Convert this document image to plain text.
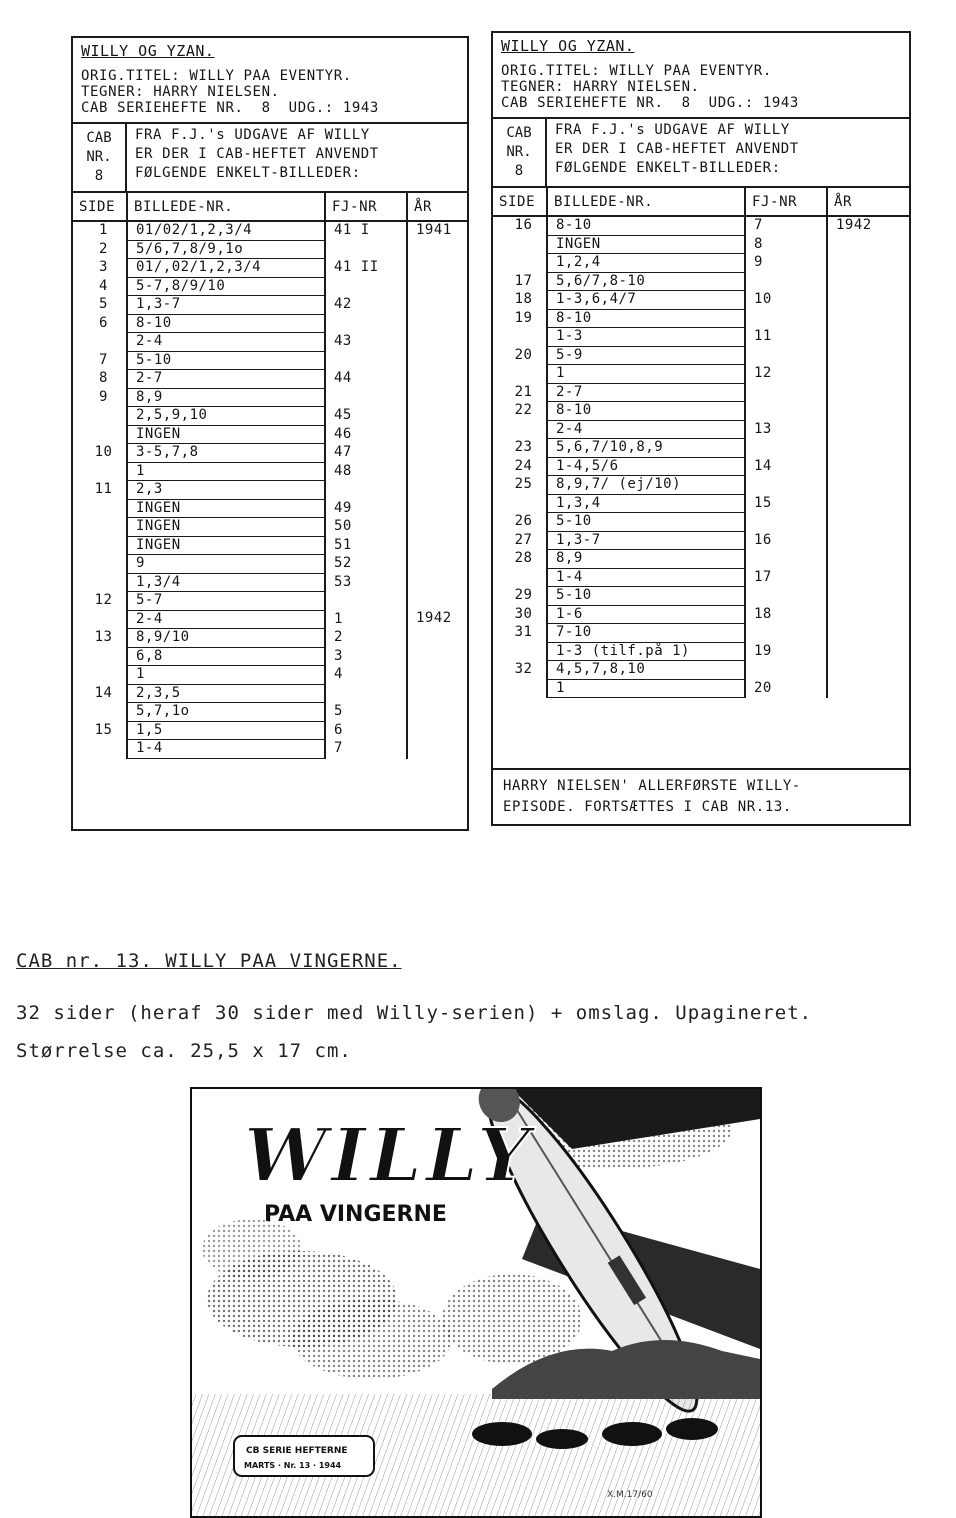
WILLY OG YZAN.
ORIG.TITEL: WILLY PAA EVENTYR.
TEGNER: HARRY NIELSEN.
CAB SERIEHEFTE NR.  8  UDG.: 1943
CAB
NR.
8
FRA F.J.'s UDGAVE AF WILLY
ER DER I CAB-HEFTET ANVENDT
FØLGENDE ENKELT-BILLEDER:
SIDE	BILLEDE-NR.	FJ-NR	ÅR
1	01/02/1,2,3/4	41 I	1941
2	5/6,7,8/9,1o		
3	01/,02/1,2,3/4	41 II	
4	5-7,8/9/10		
5	1,3-7	42	
6	8-10		
	2-4	43	
7	5-10		
8	2-7	44	
9	8,9		
	2,5,9,10	45	
	INGEN	46	
10	3-5,7,8	47	
	1	48	
11	2,3		
	INGEN	49	
	INGEN	50	
	INGEN	51	
	9	52	
	1,3/4	53	
12	5-7		
	2-4	1	1942
13	8,9/10	2	
	6,8	3	
	1	4	
14	2,3,5		
	5,7,1o	5	
15	1,5	6	
	1-4	7	
WILLY OG YZAN.
ORIG.TITEL: WILLY PAA EVENTYR.
TEGNER: HARRY NIELSEN.
CAB SERIEHEFTE NR.  8  UDG.: 1943
CAB
NR.
8
FRA F.J.'s UDGAVE AF WILLY
ER DER I CAB-HEFTET ANVENDT
FØLGENDE ENKELT-BILLEDER:
SIDE	BILLEDE-NR.	FJ-NR	ÅR
16	8-10	7	1942
	INGEN	8	
	1,2,4	9	
17	5,6/7,8-10		
18	1-3,6,4/7	10	
19	8-10		
	1-3	11	
20	5-9		
	1	12	
21	2-7		
22	8-10		
	2-4	13	
23	5,6,7/10,8,9		
24	1-4,5/6	14	
25	8,9,7/ (ej/10)		
	1,3,4	15	
26	5-10		
27	1,3-7	16	
28	8,9		
	1-4	17	
29	5-10		
30	1-6	18	
31	7-10		
	1-3 (tilf.på 1)	19	
32	4,5,7,8,10		
	1	20	
HARRY NIELSEN' ALLERFØRSTE WILLY-
EPISODE. FORTSÆTTES I CAB NR.13.
CAB nr. 13. WILLY PAA VINGERNE.
32 sider (heraf 30 sider med Willy-serien) + omslag. Upagineret.
Størrelse ca. 25,5 x 17 cm.
WILLY
PAA VINGERNE
CB SERIE HEFTERNE
MARTS · Nr. 13 · 1944
X.M.17/60
